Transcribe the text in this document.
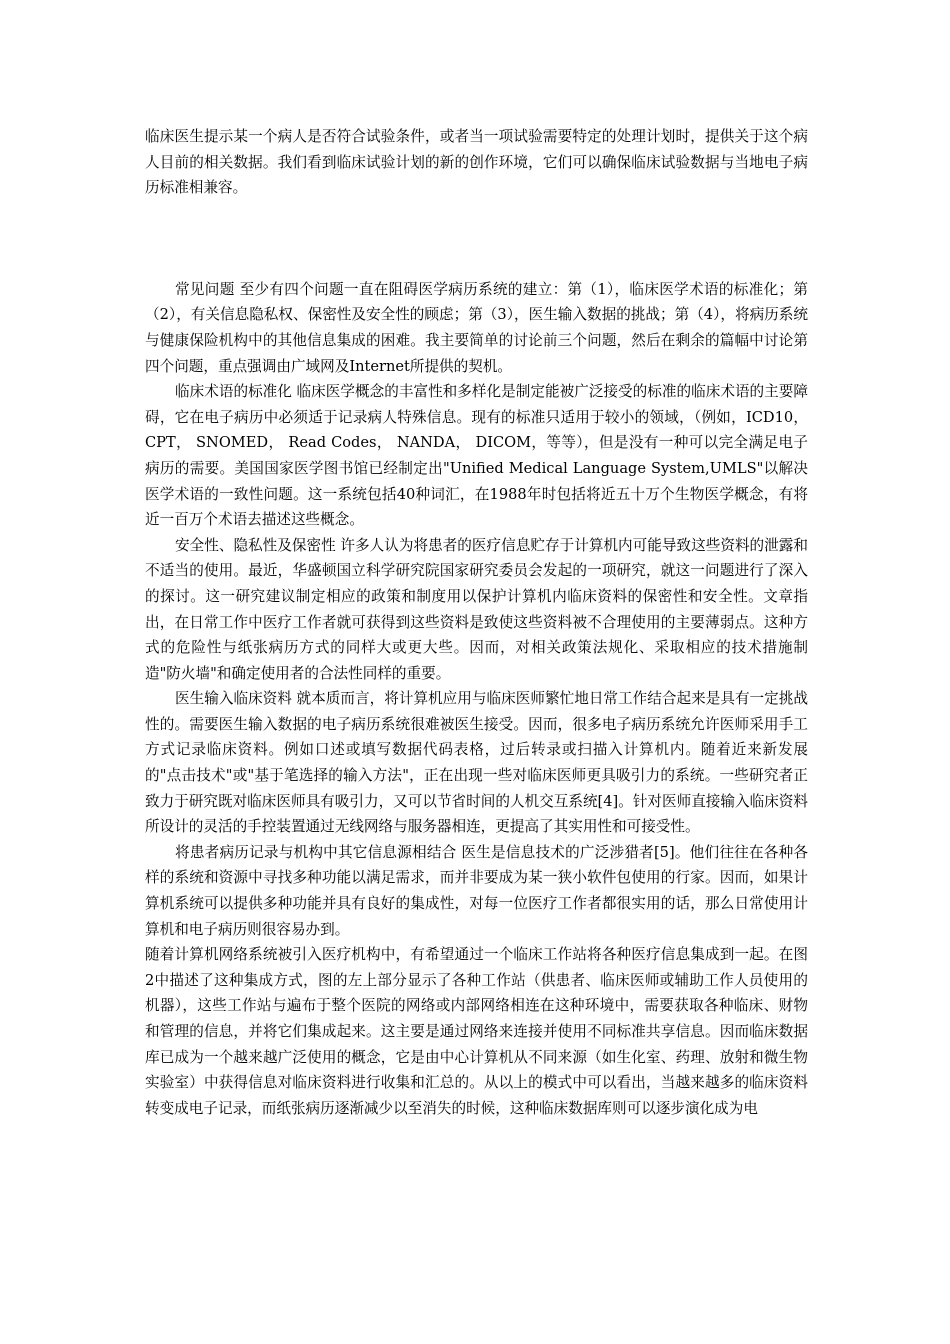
临床医生提示某一个病人是否符合试验条件，或者当一项试验需要特定的处理计划时，提供关于这个病人目前的相关数据。我们看到临床试验计划的新的创作环境，它们可以确保临床试验数据与当地电子病历标准相兼容。

常见问题 至少有四个问题一直在阻碍医学病历系统的建立：第（1），临床医学术语的标准化；第（2），有关信息隐私权、保密性及安全性的顾虑；第（3），医生输入数据的挑战；第（4），将病历系统与健康保险机构中的其他信息集成的困难。我主要简单的讨论前三个问题，然后在剩余的篇幅中讨论第四个问题，重点强调由广域网及Internet所提供的契机。

临床术语的标准化 临床医学概念的丰富性和多样化是制定能被广泛接受的标准的临床术语的主要障碍，它在电子病历中必须适于记录病人特殊信息。现有的标准只适用于较小的领域，（例如，ICD10， CPT， SNOMED， Read Codes， NANDA， DICOM，等等），但是没有一种可以完全满足电子病历的需要。美国国家医学图书馆已经制定出"Unified Medical Language System,UMLS"以解决医学术语的一致性问题。这一系统包括40种词汇，在1988年时包括将近五十万个生物医学概念，有将近一百万个术语去描述这些概念。

安全性、隐私性及保密性 许多人认为将患者的医疗信息贮存于计算机内可能导致这些资料的泄露和不适当的使用。最近，华盛顿国立科学研究院国家研究委员会发起的一项研究，就这一问题进行了深入的探讨。这一研究建议制定相应的政策和制度用以保护计算机内临床资料的保密性和安全性。文章指出，在日常工作中医疗工作者就可获得到这些资料是致使这些资料被不合理使用的主要薄弱点。这种方式的危险性与纸张病历方式的同样大或更大些。因而，对相关政策法规化、采取相应的技术措施制造"防火墙"和确定使用者的合法性同样的重要。

医生输入临床资料 就本质而言，将计算机应用与临床医师繁忙地日常工作结合起来是具有一定挑战性的。需要医生输入数据的电子病历系统很难被医生接受。因而，很多电子病历系统允许医师采用手工方式记录临床资料。例如口述或填写数据代码表格，过后转录或扫描入计算机内。随着近来新发展的"点击技术"或"基于笔选择的输入方法"，正在出现一些对临床医师更具吸引力的系统。一些研究者正致力于研究既对临床医师具有吸引力，又可以节省时间的人机交互系统[4]。针对医师直接输入临床资料所设计的灵活的手控装置通过无线网络与服务器相连，更提高了其实用性和可接受性。

将患者病历记录与机构中其它信息源相结合 医生是信息技术的广泛涉猎者[5]。他们往往在各种各样的系统和资源中寻找多种功能以满足需求，而并非要成为某一狭小软件包使用的行家。因而，如果计算机系统可以提供多种功能并具有良好的集成性，对每一位医疗工作者都很实用的话，那么日常使用计算机和电子病历则很容易办到。

随着计算机网络系统被引入医疗机构中，有希望通过一个临床工作站将各种医疗信息集成到一起。在图2中描述了这种集成方式，图的左上部分显示了各种工作站（供患者、临床医师或辅助工作人员使用的机器），这些工作站与遍布于整个医院的网络或内部网络相连在这种环境中，需要获取各种临床、财物和管理的信息，并将它们集成起来。这主要是通过网络来连接并使用不同标准共享信息。因而临床数据库已成为一个越来越广泛使用的概念，它是由中心计算机从不同来源（如生化室、药理、放射和微生物实验室）中获得信息对临床资料进行收集和汇总的。从以上的模式中可以看出，当越来越多的临床资料转变成电子记录，而纸张病历逐渐减少以至消失的时候，这种临床数据库则可以逐步演化成为电
